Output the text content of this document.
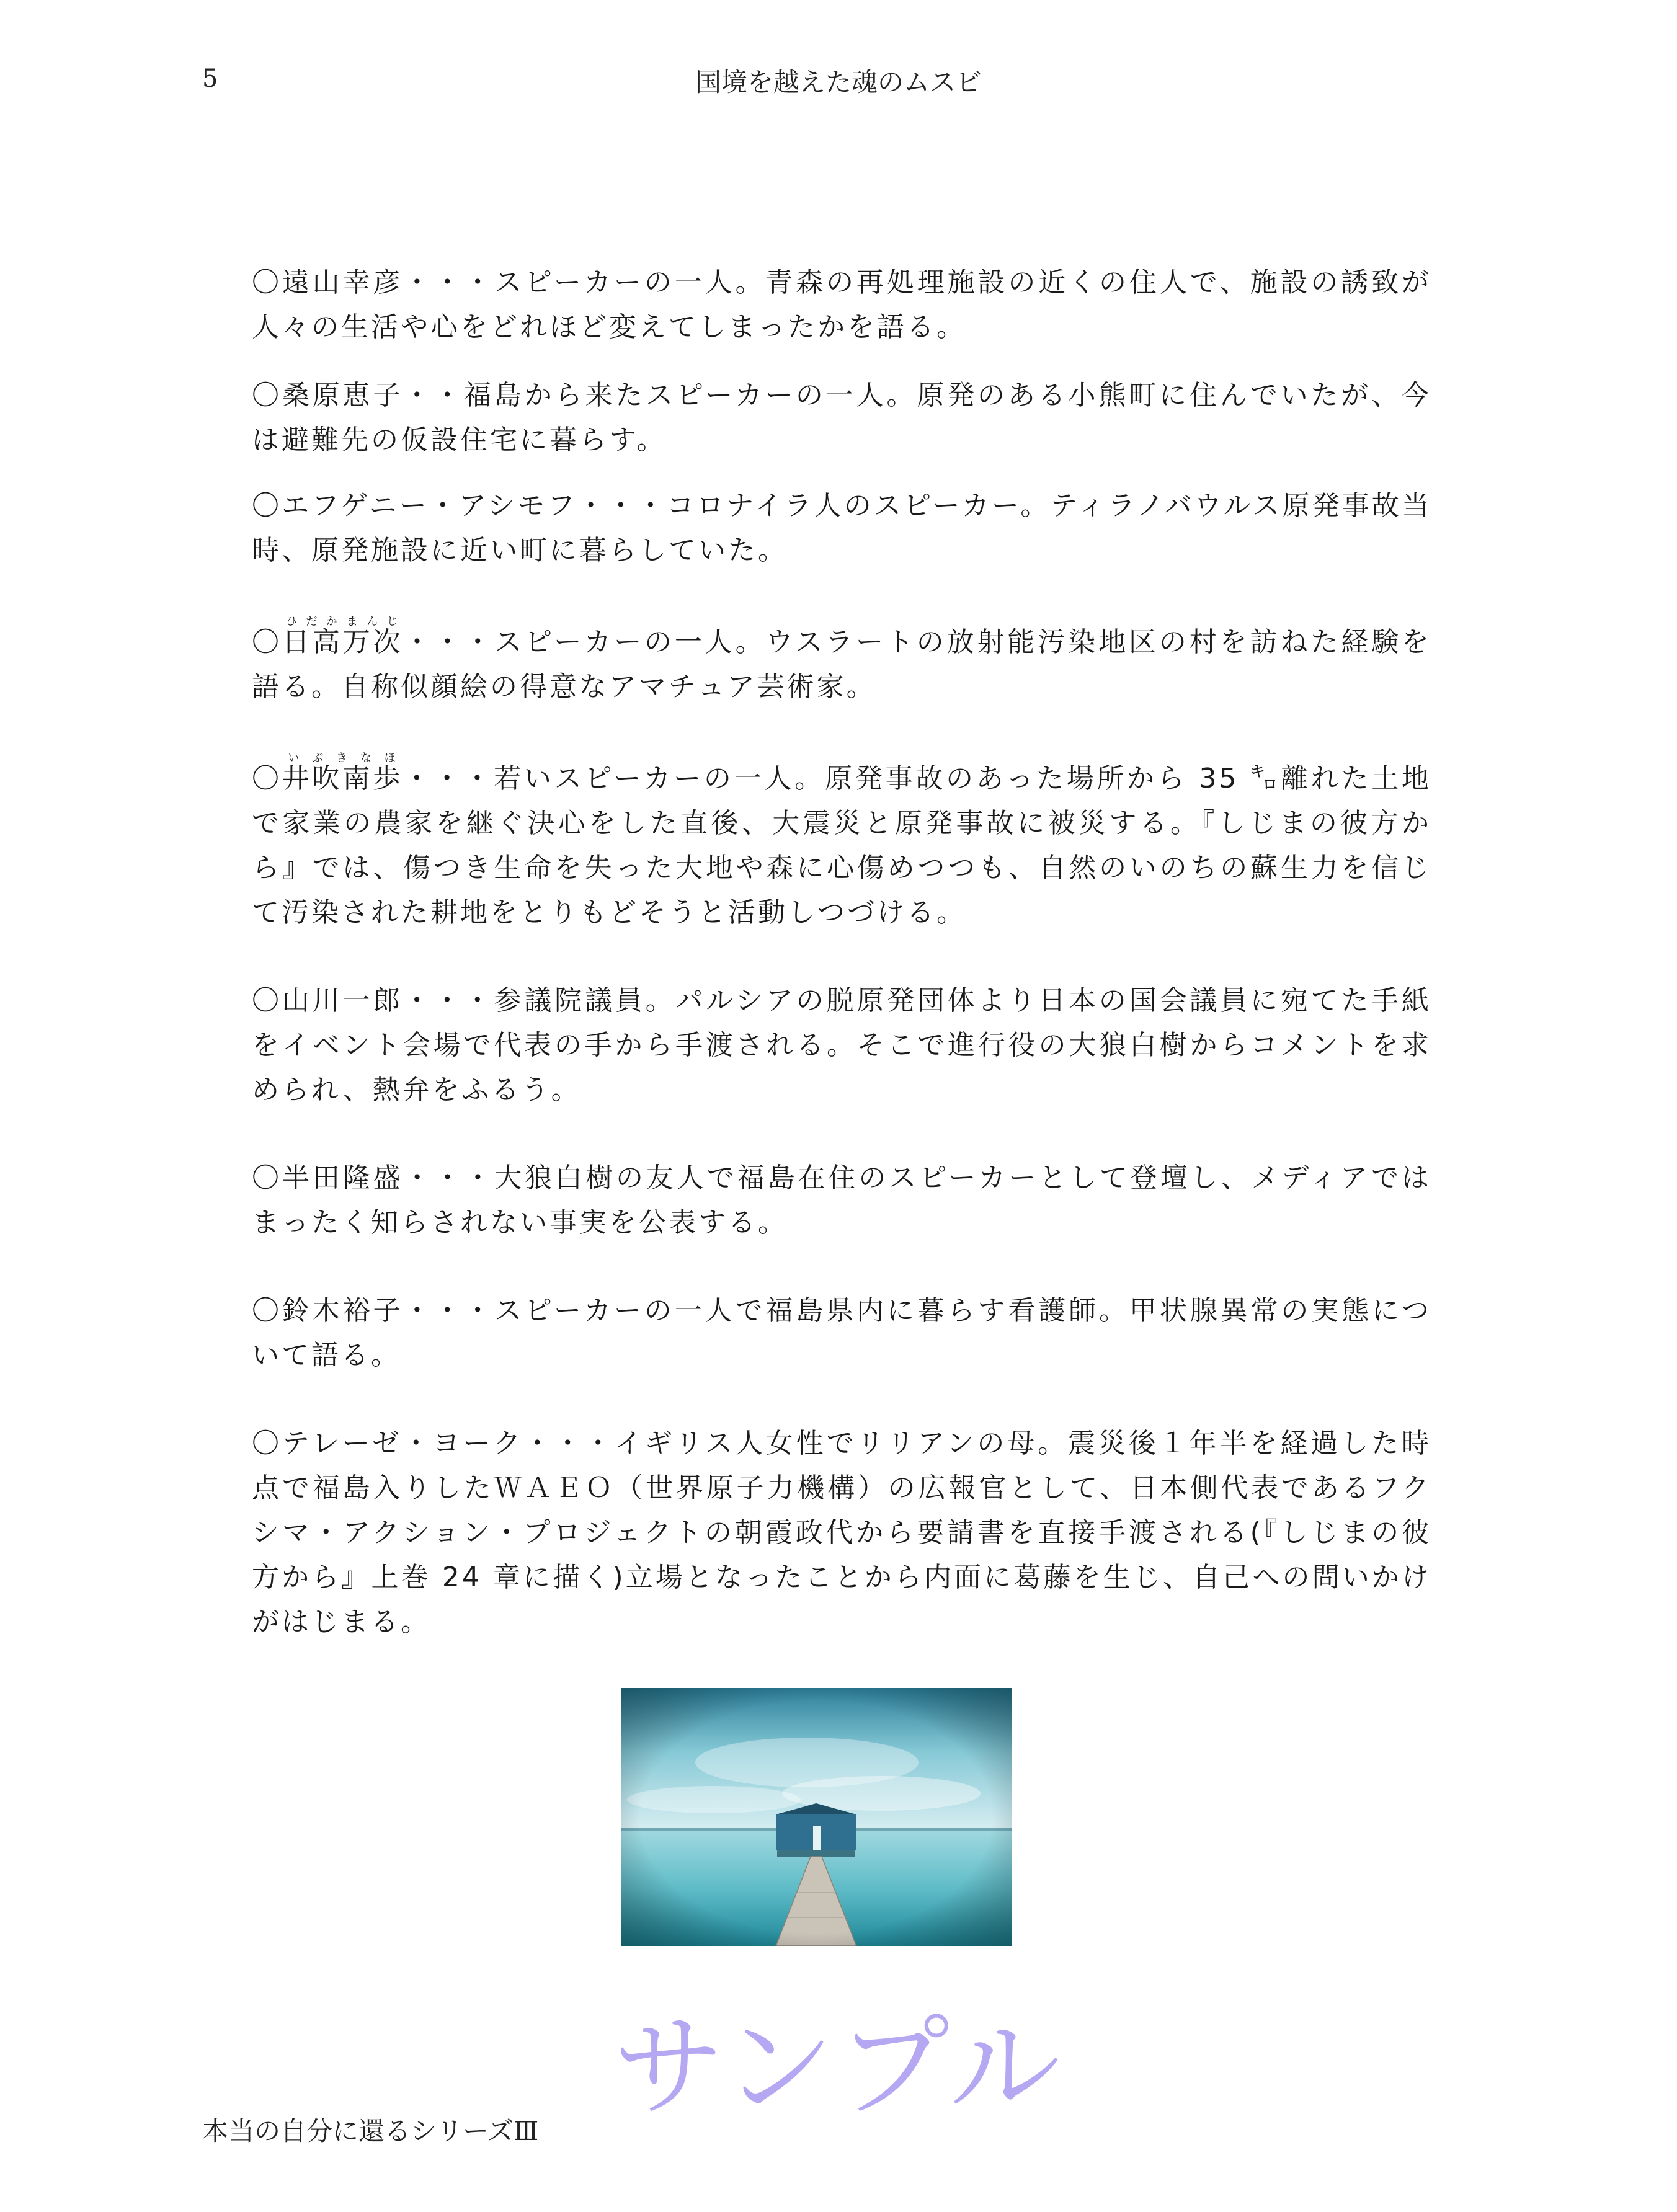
5	国境を越えた魂のムスビ

〇遠山幸彦・・・スピーカーの一人。青森の再処理施設の近くの住人で、施設の誘致が人々の生活や心をどれほど変えてしまったかを語る。

〇桑原恵子・・福島から来たスピーカーの一人。原発のある小熊町に住んでいたが、今は避難先の仮設住宅に暮らす。

〇エフゲニー・アシモフ・・・コロナイラ人のスピーカー。ティラノバウルス原発事故当時、原発施設に近い町に暮らしていた。

〇日高ひだか万次まんじ・・・スピーカーの一人。ウスラートの放射能汚染地区の村を訪ねた経験を語る。自称似顔絵の得意なアマチュア芸術家。

〇井吹南歩いぶきなほ・・・若いスピーカーの一人。原発事故のあった場所から 35 ㌔離れた土地で家業の農家を継ぐ決心をした直後、大震災と原発事故に被災する。『しじまの彼方から』では、傷つき生命を失った大地や森に心傷めつつも、自然のいのちの蘇生力を信じて汚染された耕地をとりもどそうと活動しつづける。

〇山川一郎・・・参議院議員。パルシアの脱原発団体より日本の国会議員に宛てた手紙をイベント会場で代表の手から手渡される。そこで進行役の大狼白樹からコメントを求められ、熱弁をふるう。

〇半田隆盛・・・大狼白樹の友人で福島在住のスピーカーとして登壇し、メディアではまったく知らされない事実を公表する。

〇鈴木裕子・・・スピーカーの一人で福島県内に暮らす看護師。甲状腺異常の実態について語る。

〇テレーゼ・ヨーク・・・イギリス人女性でリリアンの母。震災後１年半を経過した時点で福島入りしたＷＡＥＯ（世界原子力機構）の広報官として、日本側代表であるフクシマ・アクション・プロジェクトの朝霞政代から要請書を直接手渡される(『しじまの彼方から』上巻 24 章に描く)立場となったことから内面に葛藤を生じ、自己への問いかけがはじまる。

サンプル
本当の自分に還るシリーズⅢ
